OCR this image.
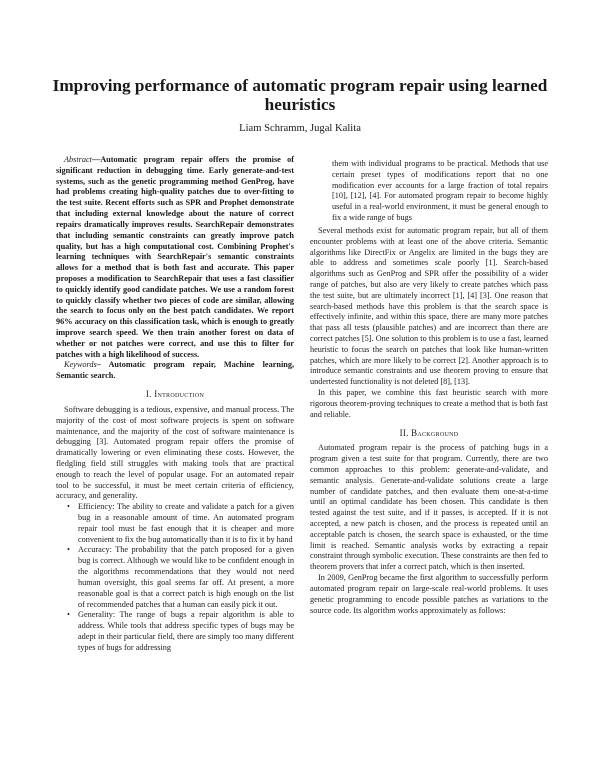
Improving performance of automatic program repair using learned heuristics
Liam Schramm, Jugal Kalita

Abstract—Automatic program repair offers the promise of significant reduction in debugging time. Early generate-and-test systems, such as the genetic programming method GenProg, have had problems creating high-quality patches due to over-fitting to the test suite. Recent efforts such as SPR and Prophet demonstrate that including external knowledge about the nature of correct repairs dramatically improves results. SearchRepair demonstrates that including semantic constraints can greatly improve patch quality, but has a high computational cost. Combining Prophet's learning techniques with SearchRepair's semantic constraints allows for a method that is both fast and accurate. This paper proposes a modification to SearchRepair that uses a fast classifier to quickly identify good candidate patches. We use a random forest to quickly classify whether two pieces of code are similar, allowing the search to focus only on the best patch candidates. We report 96% accuracy on this classification task, which is enough to greatly improve search speed. We then train another forest on data of whether or not patches were correct, and use this to filter for patches with a high likelihood of success.

Keywords– Automatic program repair, Machine learning, Semantic search.

I. Introduction

Software debugging is a tedious, expensive, and manual process. The majority of the cost of most software projects is spent on software maintenance, and the majority of the cost of software maintenance is debugging [3]. Automated program repair offers the promise of dramatically lowering or even eliminating these costs. However, the fledgling field still struggles with making tools that are practical enough to reach the level of popular usage. For an automated repair tool to be successful, it must be meet certain criteria of efficiency, accuracy, and generality.

• Efficiency: The ability to create and validate a patch for a given bug in a reasonable amount of time. An automated program repair tool must be fast enough that it is cheaper and more convenient to fix the bug automatically than it is to fix it by hand
• Accuracy: The probability that the patch proposed for a given bug is correct. Although we would like to be confident enough in the algorithms recommendations that they would not need human oversight, this goal seems far off. At present, a more reasonable goal is that a correct patch is high enough on the list of recommended patches that a human can easily pick it out.
• Generality: The range of bugs a repair algorithm is able to address. While tools that address specific types of bugs may be adept in their particular field, there are simply too many different types of bugs for addressing

them with individual programs to be practical. Methods that use certain preset types of modifications report that no one modification ever accounts for a large fraction of total repairs [10], [12], [4]. For automated program repair to become highly useful in a real-world environment, it must be general enough to fix a wide range of bugs

Several methods exist for automatic program repair, but all of them encounter problems with at least one of the above criteria. Semantic algorithms like DirectFix or Angelix are limited in the bugs they are able to address and sometimes scale poorly [1]. Search-based algorithms such as GenProg and SPR offer the possibility of a wider range of patches, but also are very likely to create patches which pass the test suite, but are ultimately incorrect [1], [4] [3]. One reason that search-based methods have this problem is that the search space is effectively infinite, and within this space, there are many more patches that pass all tests (plausible patches) and are incorrect than there are correct patches [5]. One solution to this problem is to use a fast, learned heuristic to focus the search on patches that look like human-written patches, which are more likely to be correct [2]. Another approach is to introduce semantic constraints and use theorem proving to ensure that undertested functionality is not deleted [8], [13].

In this paper, we combine this fast heuristic search with more rigorous theorem-proving techniques to create a method that is both fast and reliable.

II. Background

Automated program repair is the process of patching bugs in a program given a test suite for that program. Currently, there are two common approaches to this problem: generate-and-validate, and semantic analysis. Generate-and-validate solutions create a large number of candidate patches, and then evaluate them one-at-a-time until an optimal candidate has been chosen. This candidate is then tested against the test suite, and if it passes, is accepted. If it is not accepted, a new patch is chosen, and the process is repeated until an acceptable patch is chosen, the search space is exhausted, or the time limit is reached. Semantic analysis works by extracting a repair constraint through symbolic execution. These constraints are then fed to theorem provers that infer a correct patch, which is then inserted.

In 2009, GenProg became the first algorithm to successfully perform automated program repair on large-scale real-world problems. It uses genetic programming to encode possible patches as variations to the source code. Its algorithm works approximately as follows:
